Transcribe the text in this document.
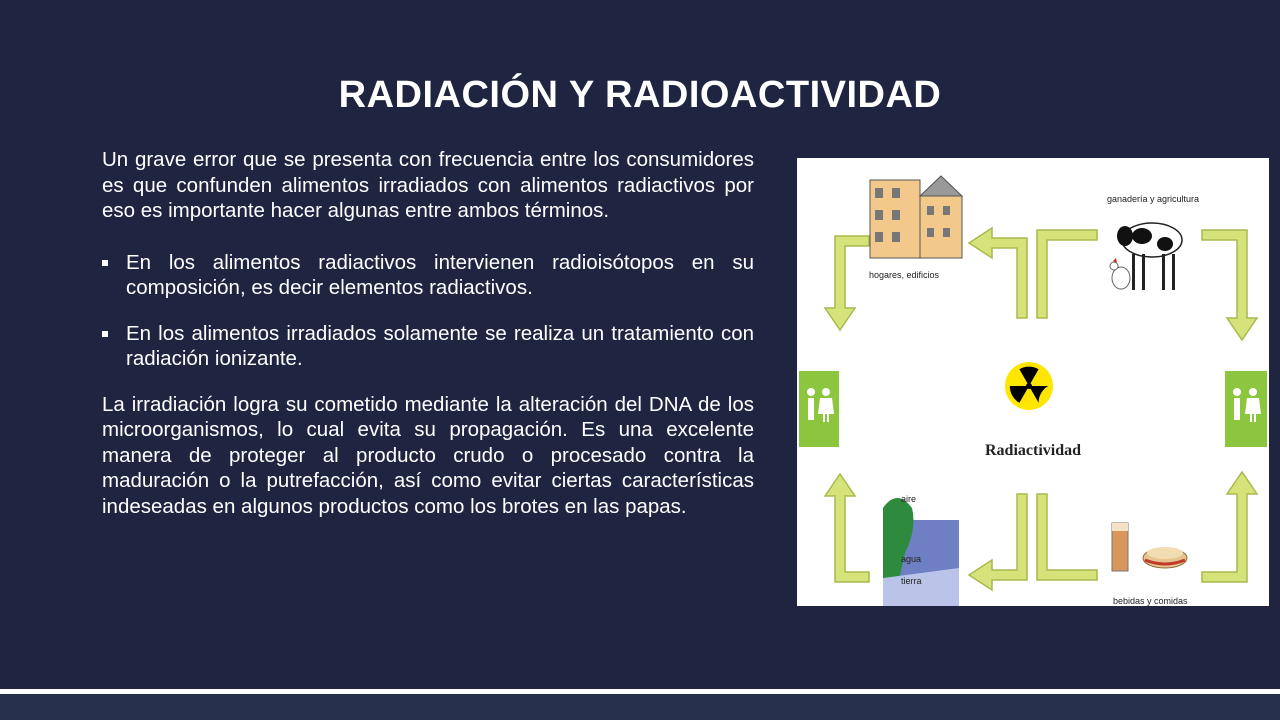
RADIACIÓN Y RADIOACTIVIDAD

Un grave error que se presenta con frecuencia entre los consumidores es que confunden alimentos irradiados con alimentos radiactivos por eso es importante hacer algunas entre ambos términos.

En los alimentos radiactivos intervienen radioisótopos en su composición, es decir elementos radiactivos.
En los alimentos irradiados solamente se realiza un tratamiento con radiación ionizante.

La irradiación logra su cometido mediante la alteración del DNA de los microorganismos, lo cual evita su propagación. Es una excelente manera de proteger al producto crudo o procesado contra la maduración o la putrefacción, así como evitar ciertas características indeseadas en algunos productos como los brotes en las papas.

hogares, edificios
ganadería y agricultura
aire
agua
tierra
bebidas y comidas
Radiactividad
